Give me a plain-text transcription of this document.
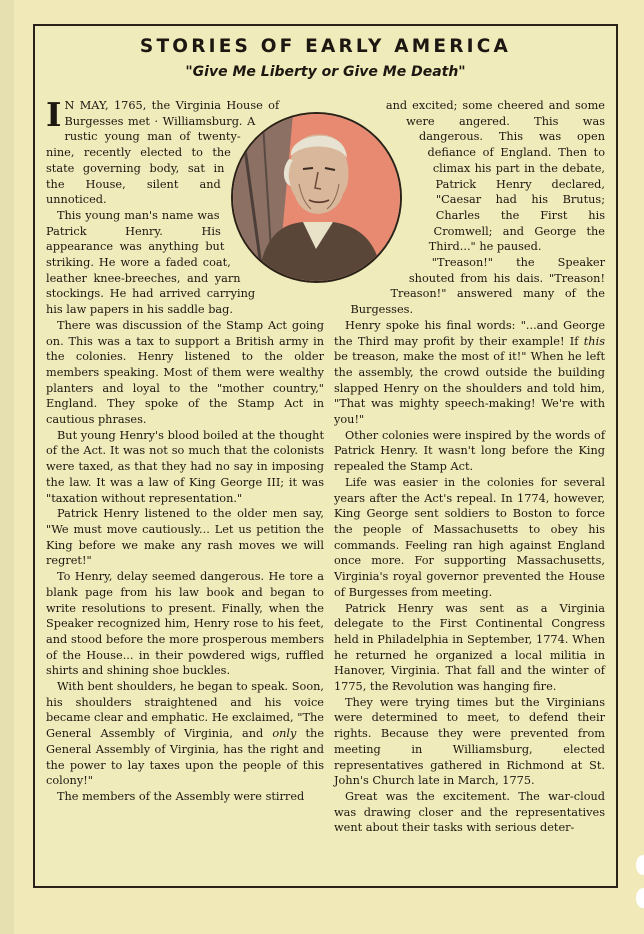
STORIES OF EARLY AMERICA
"Give Me Liberty or Give Me Death"

I N MAY, 1765, the Virginia House of Burgesses met · Williamsburg. A rustic young man of twenty-nine, recently elected to the state governing body, sat in the House, silent and unnoticed.

This young man's name was Patrick Henry. His appearance was anything but striking. He wore a faded coat, leather knee-breeches, and yarn stockings. He had arrived carrying his law papers in his saddle bag.

There was discussion of the Stamp Act going on. This was a tax to support a British army in the colonies. Henry listened to the older members speaking. Most of them were wealthy planters and loyal to the "mother country," England. They spoke of the Stamp Act in cautious phrases.

But young Henry's blood boiled at the thought of the Act. It was not so much that the colonists were taxed, as that they had no say in imposing the law. It was a law of King George III; it was "taxation without representation."

Patrick Henry listened to the older men say, "We must move cautiously... Let us petition the King before we make any rash moves we will regret!"

To Henry, delay seemed dangerous. He tore a blank page from his law book and began to write resolutions to present. Finally, when the Speaker recognized him, Henry rose to his feet, and stood before the more prosperous members of the House... in their powdered wigs, ruffled shirts and shining shoe buckles.

With bent shoulders, he began to speak. Soon, his shoulders straightened and his voice became clear and emphatic. He exclaimed, "The General Assembly of Virginia, and only the General Assembly of Virginia, has the right and the power to lay taxes upon the people of this colony!"

The members of the Assembly were stirred

and excited; some cheered and some were angered. This was dangerous. This was open defiance of England. Then to climax his part in the debate, Patrick Henry declared, "Caesar had his Brutus; Charles the First his Cromwell; and George the Third..." he paused.

"Treason!" the Speaker shouted from his dais. "Treason! Treason!" answered many of the Burgesses.

Henry spoke his final words: "...and George the Third may profit by their example! If this be treason, make the most of it!" When he left the assembly, the crowd outside the building slapped Henry on the shoulders and told him, "That was mighty speech-making! We're with you!"

Other colonies were inspired by the words of Patrick Henry. It wasn't long before the King repealed the Stamp Act.

Life was easier in the colonies for several years after the Act's repeal. In 1774, however, King George sent soldiers to Boston to force the people of Massachusetts to obey his commands. Feeling ran high against England once more. For supporting Massachusetts, Virginia's royal governor prevented the House of Burgesses from meeting.

Patrick Henry was sent as a Virginia delegate to the First Continental Congress held in Philadelphia in September, 1774. When he returned he organized a local militia in Hanover, Virginia. That fall and the winter of 1775, the Revolution was hanging fire.

They were trying times but the Virginians were determined to meet, to defend their rights. Because they were prevented from meeting in Williamsburg, elected representatives gathered in Richmond at St. John's Church late in March, 1775.

Great was the excitement. The war-cloud was drawing closer and the representatives went about their tasks with serious deter-
